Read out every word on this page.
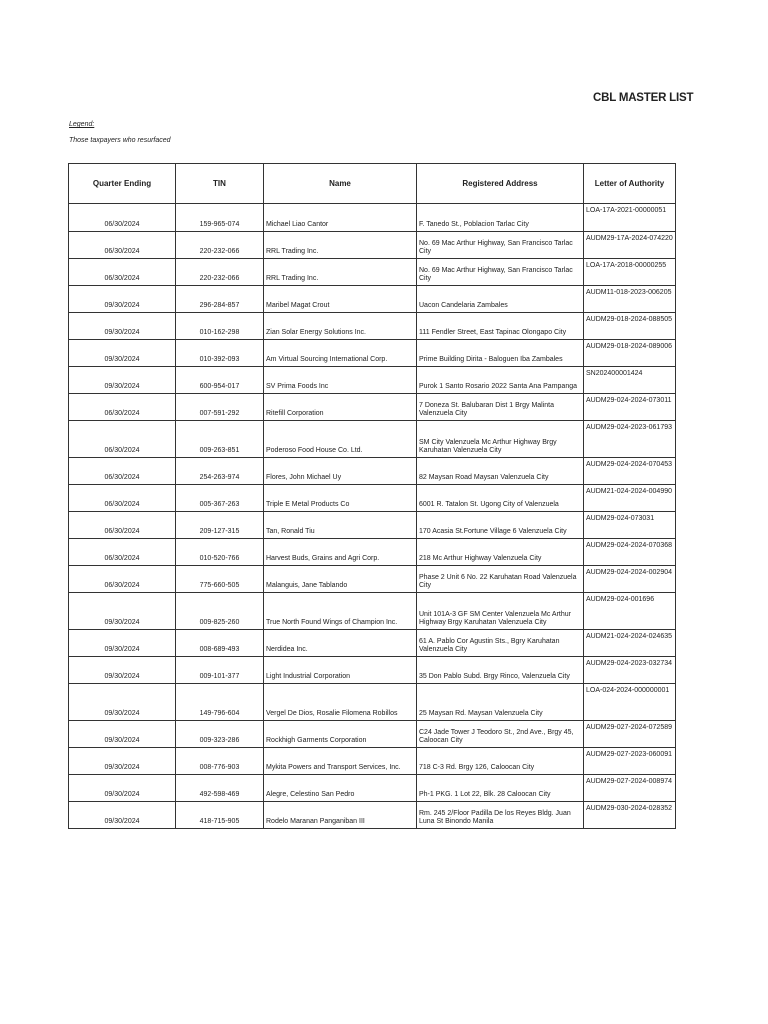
CBL MASTER LIST
Legend:
Those taxpayers who resurfaced
Quarter Ending	TIN	Name	Registered Address	Letter of Authority
06/30/2024	159-965-074	Michael Liao Cantor	F. Tanedo St., Poblacion Tarlac City	LOA-17A-2021-00000051
06/30/2024	220-232-066	RRL Trading Inc.	No. 69 Mac Arthur Highway, San Francisco Tarlac City	AUDM29-17A-2024-074220
06/30/2024	220-232-066	RRL Trading Inc.	No. 69 Mac Arthur Highway, San Francisco Tarlac City	LOA-17A-2018-00000255
09/30/2024	296-284-857	Maribel Magat Crout	Uacon Candelaria Zambales	AUDM11-018-2023-006205
09/30/2024	010-162-298	Zian Solar Energy Solutions Inc.	111 Fendler Street, East Tapinac Olongapo City	AUDM29-018-2024-088505
09/30/2024	010-392-093	Am Virtual Sourcing International Corp.	Prime Building Dirita - Baloguen Iba Zambales	AUDM29-018-2024-089006
09/30/2024	600-954-017	SV Prima Foods Inc	Purok 1 Santo Rosario 2022 Santa Ana Pampanga	SN202400001424
06/30/2024	007-591-292	Ritefill Corporation	7 Doneza St. Balubaran Dist 1 Brgy Malinta Valenzuela City	AUDM29-024-2024-073011
06/30/2024	009-263-851	Poderoso Food House Co. Ltd.	SM City Valenzuela Mc Arthur Highway Brgy Karuhatan Valenzuela City	AUDM29-024-2023-061793
06/30/2024	254-263-974	Flores, John Michael Uy	82 Maysan Road Maysan Valenzuela City	AUDM29-024-2024-070453
06/30/2024	005-367-263	Triple E Metal Products Co	6001 R. Tatalon St. Ugong City of Valenzuela	AUDM21-024-2024-004990
06/30/2024	209-127-315	Tan, Ronald Tiu	170 Acasia St.Fortune Village 6 Valenzuela City	AUDM29-024-073031
06/30/2024	010-520-766	Harvest Buds, Grains and Agri Corp.	218 Mc Arthur Highway Valenzuela City	AUDM29-024-2024-070368
06/30/2024	775-660-505	Malanguis, Jane Tablando	Phase 2 Unit 6 No. 22 Karuhatan Road Valenzuela City	AUDM29-024-2024-002904
09/30/2024	009-825-260	True North Found Wings of Champion Inc.	Unit 101A-3 GF SM Center Valenzuela Mc Arthur Highway Brgy Karuhatan Valenzuela City	AUDM29-024-001696
09/30/2024	008-689-493	Nerdidea Inc.	61 A. Pablo Cor Agustin Sts., Bgry Karuhatan Valenzuela City	AUDM21-024-2024-024635
09/30/2024	009-101-377	Light Industrial Corporation	35 Don Pablo Subd. Brgy Rinco, Valenzuela City	AUDM29-024-2023-032734
09/30/2024	149-796-604	Vergel De Dios, Rosalie Filomena Robillos	25 Maysan Rd. Maysan Valenzuela City	LOA-024-2024-000000001
09/30/2024	009-323-286	Rockhigh Garments Corporation	C24 Jade Tower J Teodoro St., 2nd Ave., Brgy 45, Caloocan City	AUDM29-027-2024-072589
09/30/2024	008-776-903	Mykita Powers and Transport Services, Inc.	718 C-3 Rd. Brgy 126, Caloocan City	AUDM29-027-2023-060091
09/30/2024	492-598-469	Alegre, Celestino San Pedro	Ph-1 PKG. 1 Lot 22, Blk. 28 Caloocan City	AUDM29-027-2024-008974
09/30/2024	418-715-905	Rodelo Maranan Panganiban III	Rm. 245 2/Floor Padilla De los Reyes Bldg. Juan Luna St Binondo Manila	AUDM29-030-2024-028352
